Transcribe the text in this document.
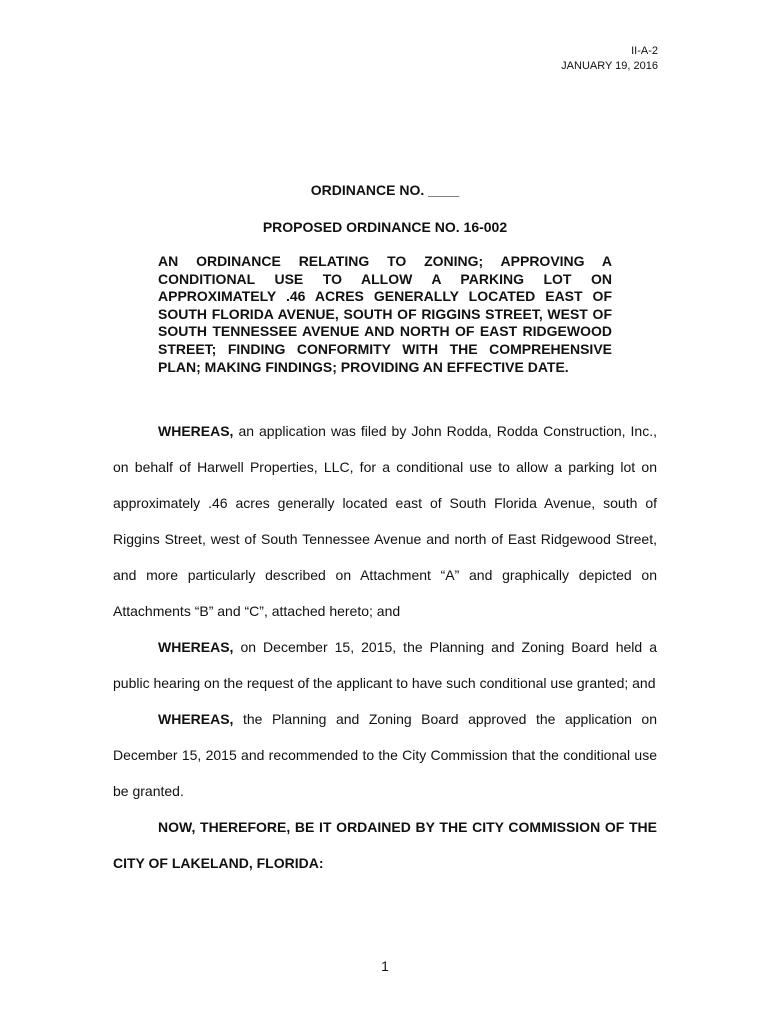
II-A-2
JANUARY 19, 2016
ORDINANCE NO. ____
PROPOSED ORDINANCE NO. 16-002
AN ORDINANCE RELATING TO ZONING; APPROVING A CONDITIONAL USE TO ALLOW A PARKING LOT ON APPROXIMATELY .46 ACRES GENERALLY LOCATED EAST OF SOUTH FLORIDA AVENUE, SOUTH OF RIGGINS STREET, WEST OF SOUTH TENNESSEE AVENUE AND NORTH OF EAST RIDGEWOOD STREET; FINDING CONFORMITY WITH THE COMPREHENSIVE PLAN; MAKING FINDINGS; PROVIDING AN EFFECTIVE DATE.

WHEREAS, an application was filed by John Rodda, Rodda Construction, Inc., on behalf of Harwell Properties, LLC, for a conditional use to allow a parking lot on approximately .46 acres generally located east of South Florida Avenue, south of Riggins Street, west of South Tennessee Avenue and north of East Ridgewood Street, and more particularly described on Attachment “A” and graphically depicted on Attachments “B” and “C”, attached hereto; and

WHEREAS, on December 15, 2015, the Planning and Zoning Board held a public hearing on the request of the applicant to have such conditional use granted; and

WHEREAS, the Planning and Zoning Board approved the application on December 15, 2015 and recommended to the City Commission that the conditional use be granted.

NOW, THEREFORE, BE IT ORDAINED BY THE CITY COMMISSION OF THE CITY OF LAKELAND, FLORIDA:

1
